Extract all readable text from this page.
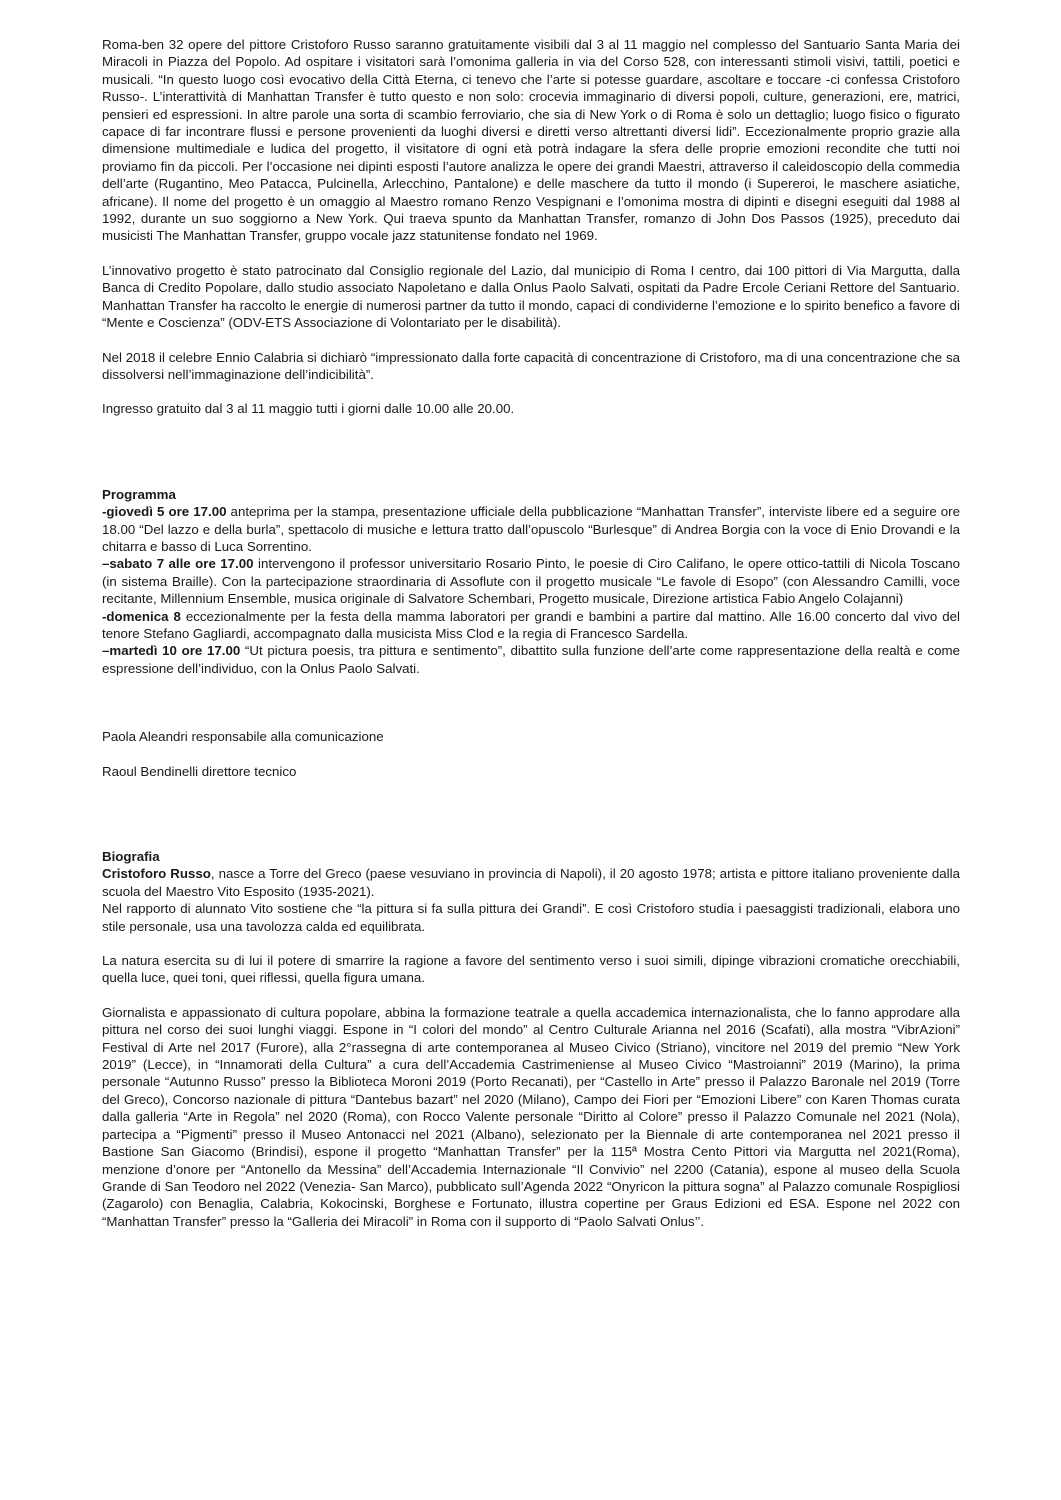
Roma-ben 32 opere del pittore Cristoforo Russo saranno gratuitamente visibili dal 3 al 11 maggio nel complesso del Santuario Santa Maria dei Miracoli in Piazza del Popolo. Ad ospitare i visitatori sarà l’omonima galleria in via del Corso 528, con interessanti stimoli visivi, tattili, poetici e musicali. “In questo luogo così evocativo della Città Eterna, ci tenevo che l’arte si potesse guardare, ascoltare e toccare -ci confessa Cristoforo Russo-. L’interattività di Manhattan Transfer è tutto questo e non solo: crocevia immaginario di diversi popoli, culture, generazioni, ere, matrici, pensieri ed espressioni. In altre parole una sorta di scambio ferroviario, che sia di New York o di Roma è solo un dettaglio; luogo fisico o figurato capace di far incontrare flussi e persone provenienti da luoghi diversi e diretti verso altrettanti diversi lidi”. Eccezionalmente proprio grazie alla dimensione multimediale e ludica del progetto, il visitatore di ogni età potrà indagare la sfera delle proprie emozioni recondite che tutti noi proviamo fin da piccoli. Per l’occasione nei dipinti esposti l’autore analizza le opere dei grandi Maestri, attraverso il caleidoscopio della commedia dell’arte (Rugantino, Meo Patacca, Pulcinella, Arlecchino, Pantalone) e delle maschere da tutto il mondo (i Supereroi, le maschere asiatiche, africane). Il nome del progetto è un omaggio al Maestro romano Renzo Vespignani e l’omonima mostra di dipinti e disegni eseguiti dal 1988 al 1992, durante un suo soggiorno a New York. Qui traeva spunto da Manhattan Transfer, romanzo di John Dos Passos (1925), preceduto dai musicisti The Manhattan Transfer, gruppo vocale jazz statunitense fondato nel 1969.

L’innovativo progetto è stato patrocinato dal Consiglio regionale del Lazio, dal municipio di Roma I centro, dai 100 pittori di Via Margutta, dalla Banca di Credito Popolare, dallo studio associato Napoletano e dalla Onlus Paolo Salvati, ospitati da Padre Ercole Ceriani Rettore del Santuario. Manhattan Transfer ha raccolto le energie di numerosi partner da tutto il mondo, capaci di condividerne l’emozione e lo spirito benefico a favore di “Mente e Coscienza” (ODV-ETS Associazione di Volontariato per le disabilità).

Nel 2018 il celebre Ennio Calabria si dichiarò “impressionato dalla forte capacità di concentrazione di Cristoforo, ma di una concentrazione che sa dissolversi nell’immaginazione dell’indicibilità”.

Ingresso gratuito dal 3 al 11 maggio tutti i giorni dalle 10.00 alle 20.00.

Programma

-giovedì 5 ore 17.00 anteprima per la stampa, presentazione ufficiale della pubblicazione “Manhattan Transfer”, interviste libere ed a seguire ore 18.00 “Del lazzo e della burla”, spettacolo di musiche e lettura tratto dall’opuscolo “Burlesque” di Andrea Borgia con la voce di Enio Drovandi e la chitarra e basso di Luca Sorrentino.

–sabato 7 alle ore 17.00 intervengono il professor universitario Rosario Pinto, le poesie di Ciro Califano, le opere ottico-tattili di Nicola Toscano (in sistema Braille). Con la partecipazione straordinaria di Assoflute con il progetto musicale “Le favole di Esopo” (con Alessandro Camilli, voce recitante, Millennium Ensemble, musica originale di Salvatore Schembari, Progetto musicale, Direzione artistica Fabio Angelo Colajanni)

-domenica 8 eccezionalmente per la festa della mamma laboratori per grandi e bambini a partire dal mattino. Alle 16.00 concerto dal vivo del tenore Stefano Gagliardi, accompagnato dalla musicista Miss Clod e la regia di Francesco Sardella.

–martedì 10 ore 17.00 “Ut pictura poesis, tra pittura e sentimento”, dibattito sulla funzione dell’arte come rappresentazione della realtà e come espressione dell’individuo, con la Onlus Paolo Salvati.

Paola Aleandri responsabile alla comunicazione

Raoul Bendinelli direttore tecnico

Biografia

Cristoforo Russo, nasce a Torre del Greco (paese vesuviano in provincia di Napoli), il 20 agosto 1978; artista e pittore italiano proveniente dalla scuola del Maestro Vito Esposito (1935-2021).

Nel rapporto di alunnato Vito sostiene che “la pittura si fa sulla pittura dei Grandi”. E così Cristoforo studia i paesaggisti tradizionali, elabora uno stile personale, usa una tavolozza calda ed equilibrata.

La natura esercita su di lui il potere di smarrire la ragione a favore del sentimento verso i suoi simili, dipinge vibrazioni cromatiche orecchiabili, quella luce, quei toni, quei riflessi, quella figura umana.

Giornalista e appassionato di cultura popolare, abbina la formazione teatrale a quella accademica internazionalista, che lo fanno approdare alla pittura nel corso dei suoi lunghi viaggi. Espone in “I colori del mondo” al Centro Culturale Arianna nel 2016 (Scafati), alla mostra “VibrAzioni” Festival di Arte nel 2017 (Furore), alla 2°rassegna di arte contemporanea al Museo Civico (Striano), vincitore nel 2019 del premio “New York 2019” (Lecce), in “Innamorati della Cultura” a cura dell’Accademia Castrimeniense al Museo Civico “Mastroianni” 2019 (Marino), la prima personale “Autunno Russo” presso la Biblioteca Moroni 2019 (Porto Recanati), per “Castello in Arte” presso il Palazzo Baronale nel 2019 (Torre del Greco), Concorso nazionale di pittura “Dantebus bazart” nel 2020 (Milano), Campo dei Fiori per “Emozioni Libere” con Karen Thomas curata dalla galleria “Arte in Regola” nel 2020 (Roma), con Rocco Valente personale “Diritto al Colore” presso il Palazzo Comunale nel 2021 (Nola), partecipa a “Pigmenti” presso il Museo Antonacci nel 2021 (Albano), selezionato per la Biennale di arte contemporanea nel 2021 presso il Bastione San Giacomo (Brindisi), espone il progetto “Manhattan Transfer” per la 115ª Mostra Cento Pittori via Margutta nel 2021(Roma), menzione d’onore per “Antonello da Messina” dell’Accademia Internazionale “Il Convivio” nel 2200 (Catania), espone al museo della Scuola Grande di San Teodoro nel 2022 (Venezia- San Marco), pubblicato sull’Agenda 2022 “Onyricon la pittura sogna” al Palazzo comunale Rospigliosi (Zagarolo) con Benaglia, Calabria, Kokocinski, Borghese e Fortunato, illustra copertine per Graus Edizioni ed ESA. Espone nel 2022 con “Manhattan Transfer” presso la “Galleria dei Miracoli” in Roma con il supporto di “Paolo Salvati Onlus’’.
